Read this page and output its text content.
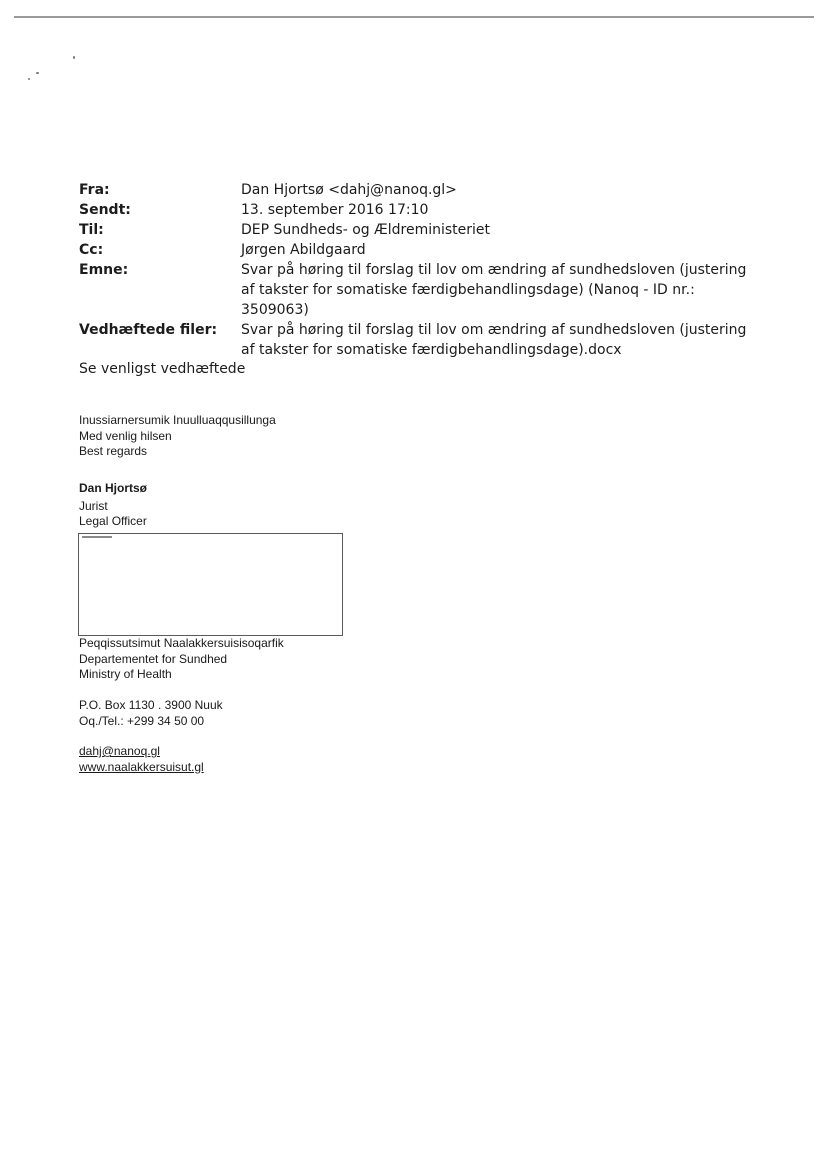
Fra:	Dan Hjortsø <dahj@nanoq.gl>
Sendt:	13. september 2016 17:10
Til:	DEP Sundheds- og Ældreministeriet
Cc:	Jørgen Abildgaard
Emne:	Svar på høring til forslag til lov om ændring af sundhedsloven (justering af takster for somatiske færdigbehandlingsdage) (Nanoq - ID nr.: 3509063)
Vedhæftede filer:	Svar på høring til forslag til lov om ændring af sundhedsloven (justering af takster for somatiske færdigbehandlingsdage).docx
Se venligst vedhæftede
Inussiarnersumik Inuulluaqqusillunga
Med venlig hilsen
Best regards
Dan Hjortsø
Jurist
Legal Officer
Peqqissutsimut Naalakkersuisisoqarfik
Departementet for Sundhed
Ministry of Health
P.O. Box 1130 . 3900 Nuuk
Oq./Tel.: +299 34 50 00
dahj@nanoq.gl
www.naalakkersuisut.gl
